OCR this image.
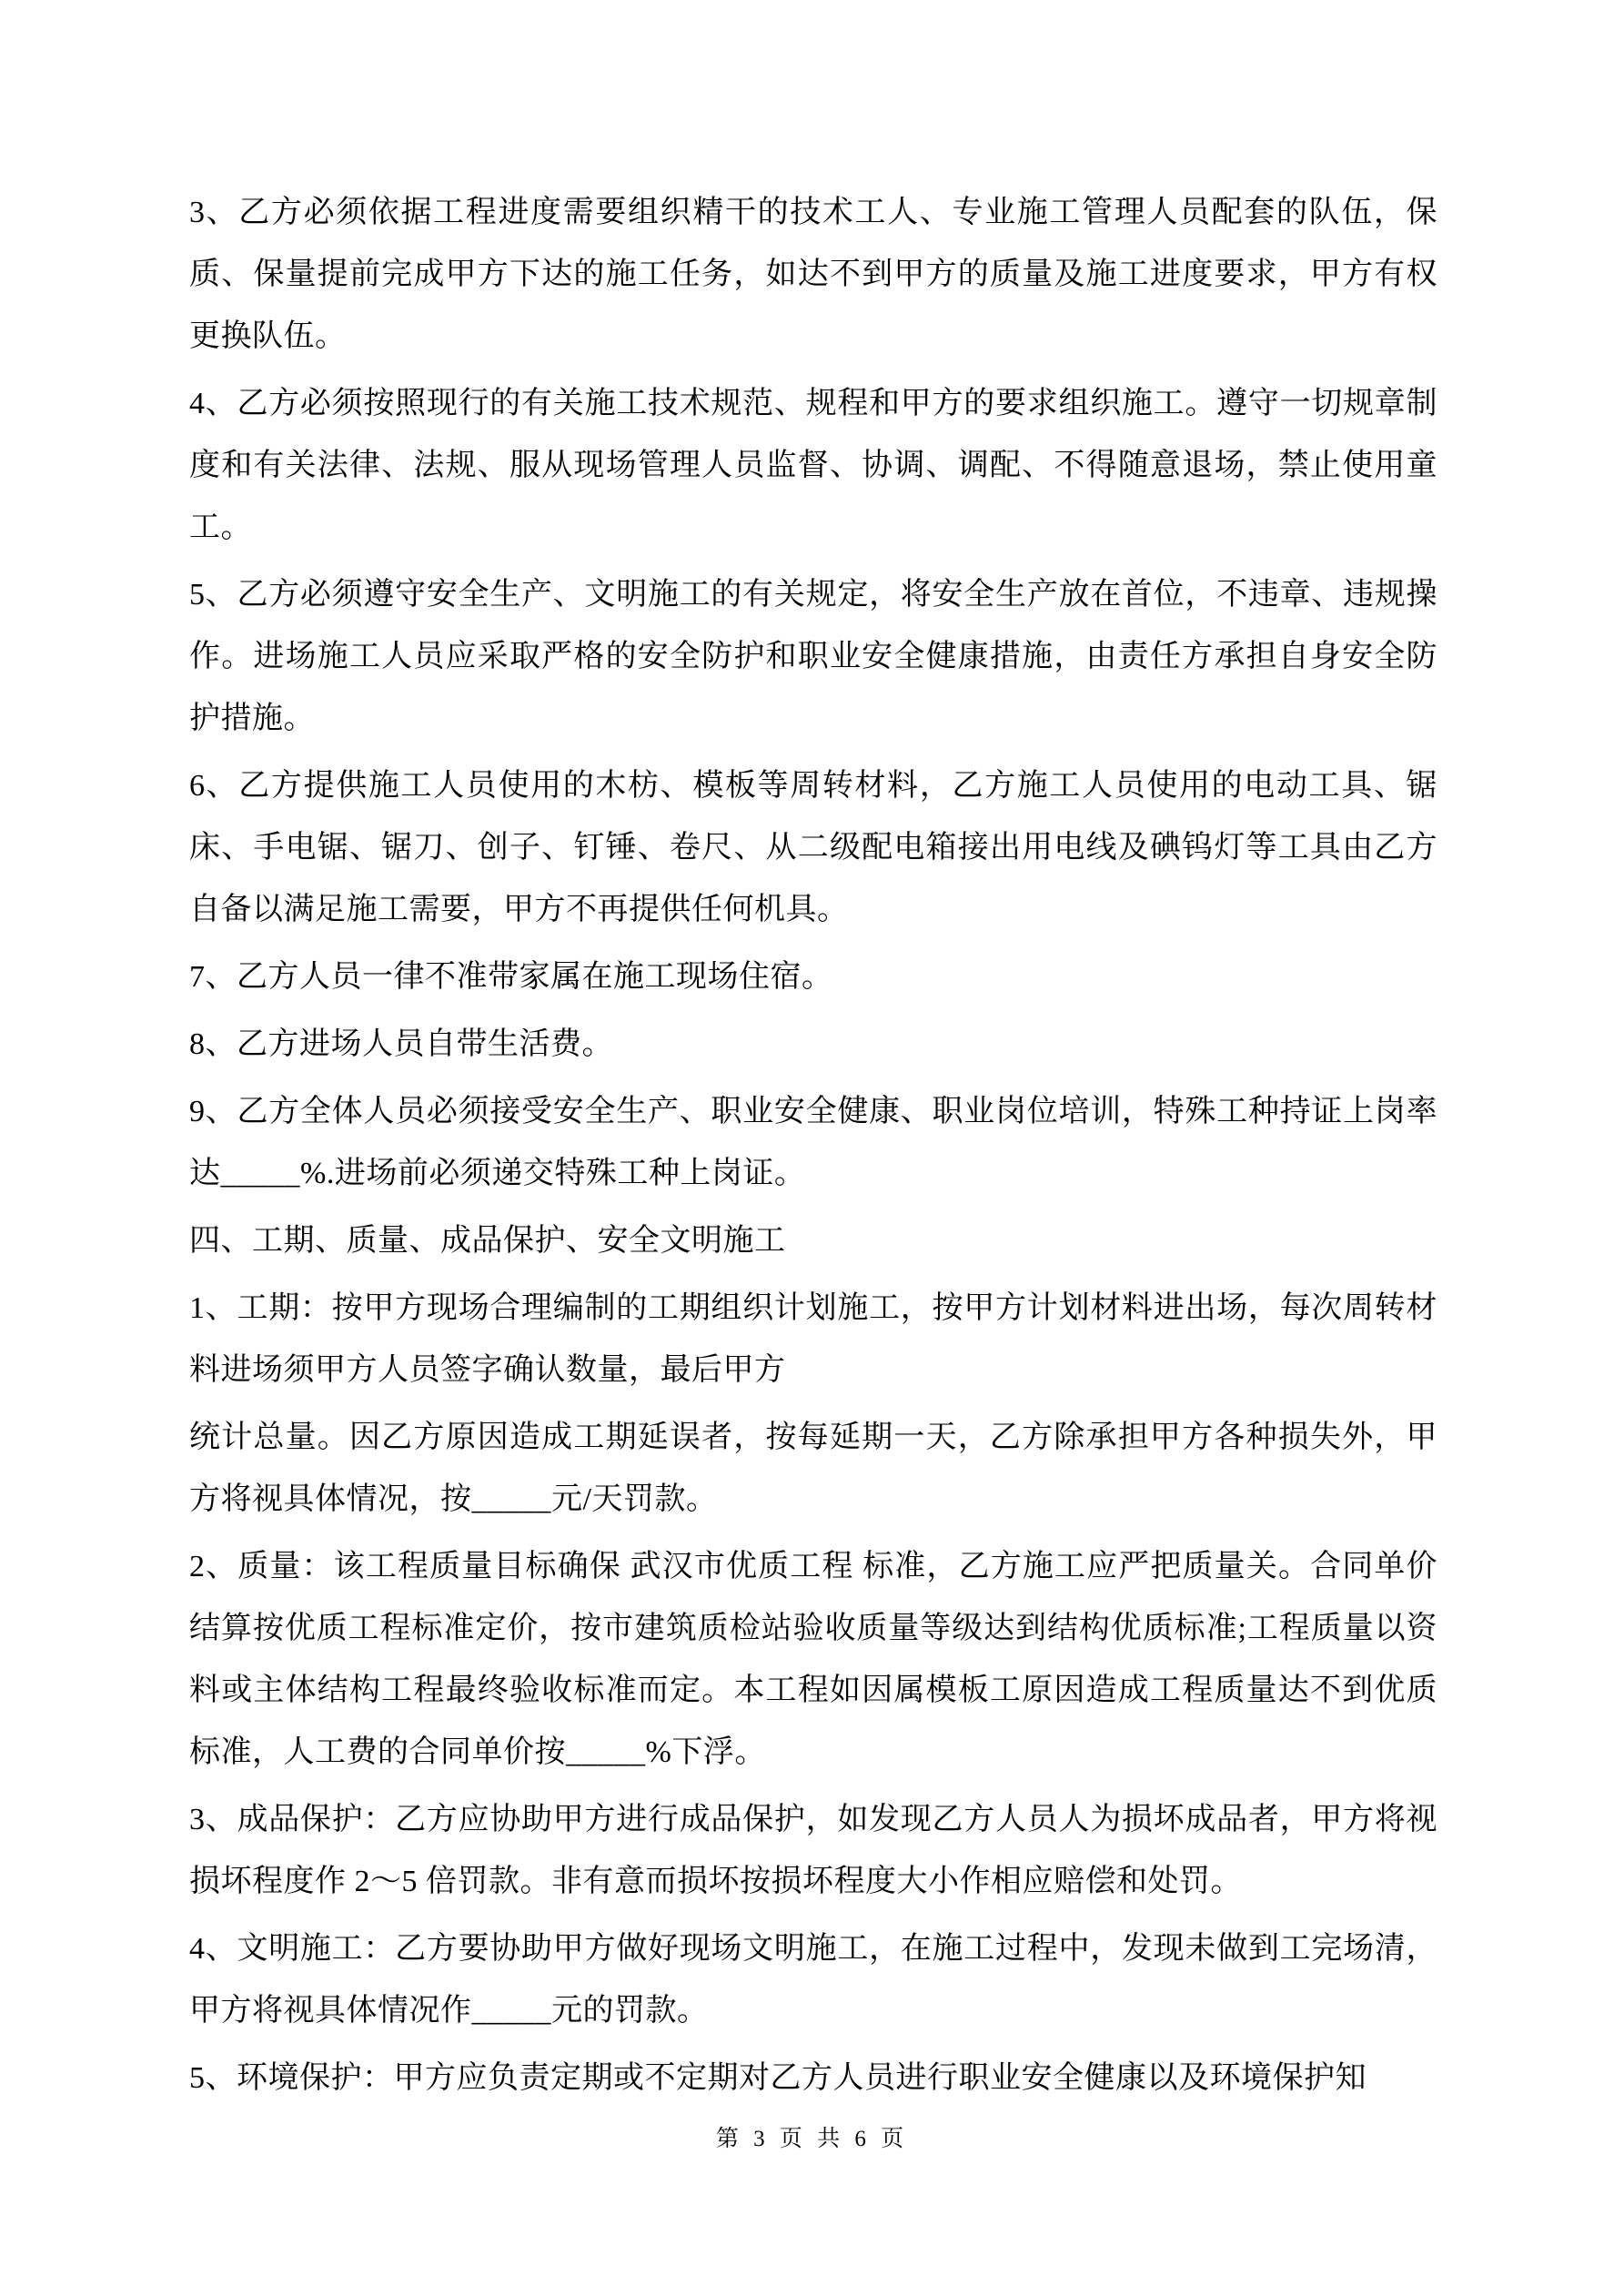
3、乙方必须依据工程进度需要组织精干的技术工人、专业施工管理人员配套的队伍，保质、保量提前完成甲方下达的施工任务，如达不到甲方的质量及施工进度要求，甲方有权更换队伍。

4、乙方必须按照现行的有关施工技术规范、规程和甲方的要求组织施工。遵守一切规章制度和有关法律、法规、服从现场管理人员监督、协调、调配、不得随意退场，禁止使用童工。

5、乙方必须遵守安全生产、文明施工的有关规定，将安全生产放在首位，不违章、违规操作。进场施工人员应采取严格的安全防护和职业安全健康措施，由责任方承担自身安全防护措施。

6、乙方提供施工人员使用的木枋、模板等周转材料，乙方施工人员使用的电动工具、锯床、手电锯、锯刀、创子、钉锤、卷尺、从二级配电箱接出用电线及碘钨灯等工具由乙方自备以满足施工需要，甲方不再提供任何机具。

7、乙方人员一律不准带家属在施工现场住宿。

8、乙方进场人员自带生活费。

9、乙方全体人员必须接受安全生产、职业安全健康、职业岗位培训，特殊工种持证上岗率达_____%.进场前必须递交特殊工种上岗证。

四、工期、质量、成品保护、安全文明施工

1、工期：按甲方现场合理编制的工期组织计划施工，按甲方计划材料进出场，每次周转材料进场须甲方人员签字确认数量，最后甲方

统计总量。因乙方原因造成工期延误者，按每延期一天，乙方除承担甲方各种损失外，甲方将视具体情况，按_____元/天罚款。

2、质量：该工程质量目标确保 武汉市优质工程 标准，乙方施工应严把质量关。合同单价结算按优质工程标准定价，按市建筑质检站验收质量等级达到结构优质标准;工程质量以资料或主体结构工程最终验收标准而定。本工程如因属模板工原因造成工程质量达不到优质标准，人工费的合同单价按_____%下浮。

3、成品保护：乙方应协助甲方进行成品保护，如发现乙方人员人为损坏成品者，甲方将视损坏程度作 2～5 倍罚款。非有意而损坏按损坏程度大小作相应赔偿和处罚。

4、文明施工：乙方要协助甲方做好现场文明施工，在施工过程中，发现未做到工完场清，甲方将视具体情况作_____元的罚款。

5、环境保护：甲方应负责定期或不定期对乙方人员进行职业安全健康以及环境保护知

第 3 页 共 6 页
